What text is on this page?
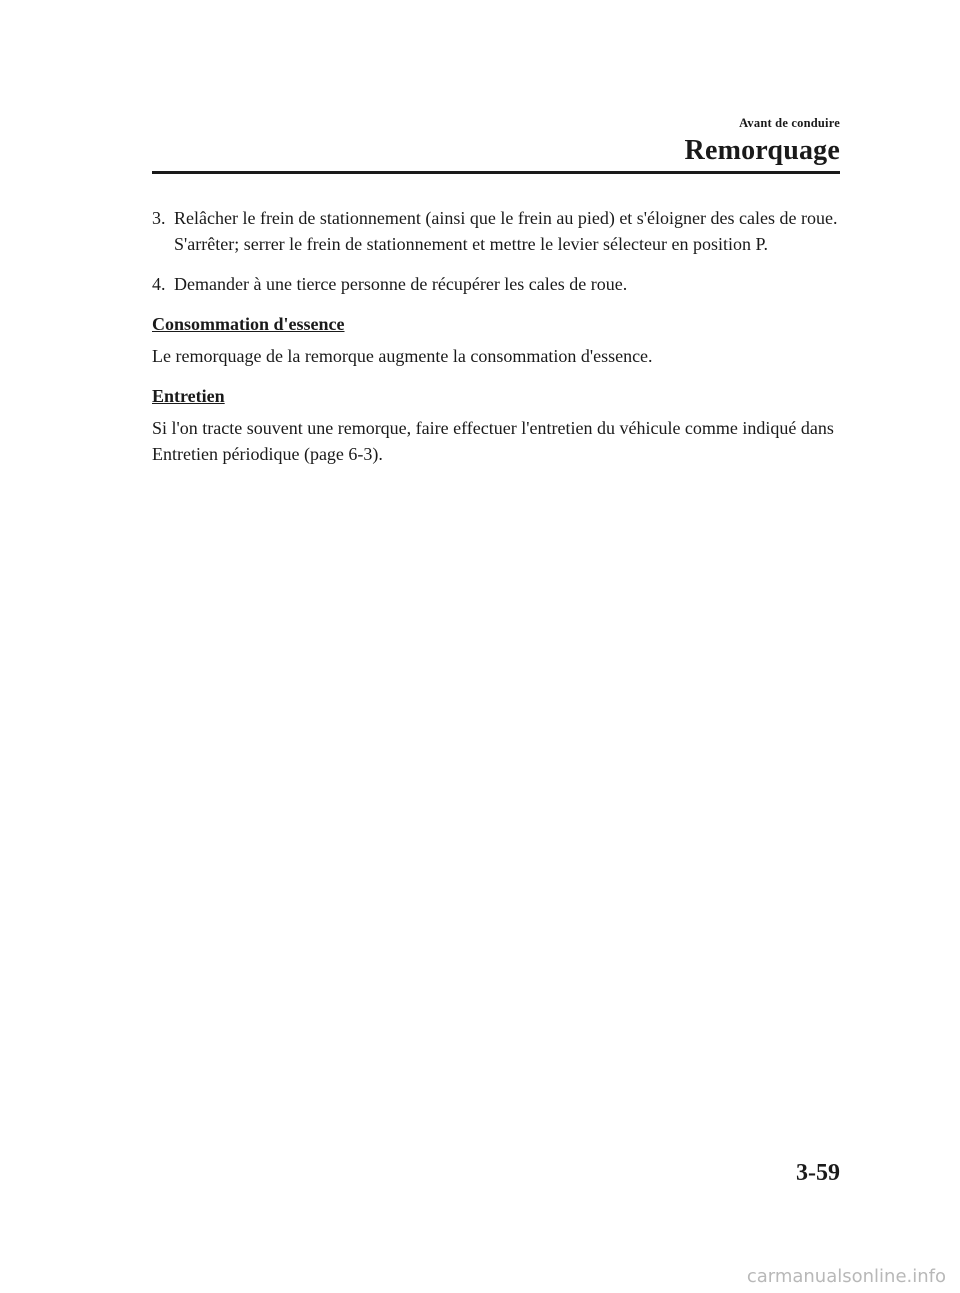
Avant de conduire
Remorquage
3. Relâcher le frein de stationnement (ainsi que le frein au pied) et s'éloigner des cales de roue. S'arrêter; serrer le frein de stationnement et mettre le levier sélecteur en position P.
4. Demander à une tierce personne de récupérer les cales de roue.
Consommation d'essence
Le remorquage de la remorque augmente la consommation d'essence.
Entretien
Si l'on tracte souvent une remorque, faire effectuer l'entretien du véhicule comme indiqué dans Entretien périodique (page 6-3).
3-59
carmanualsonline.info
